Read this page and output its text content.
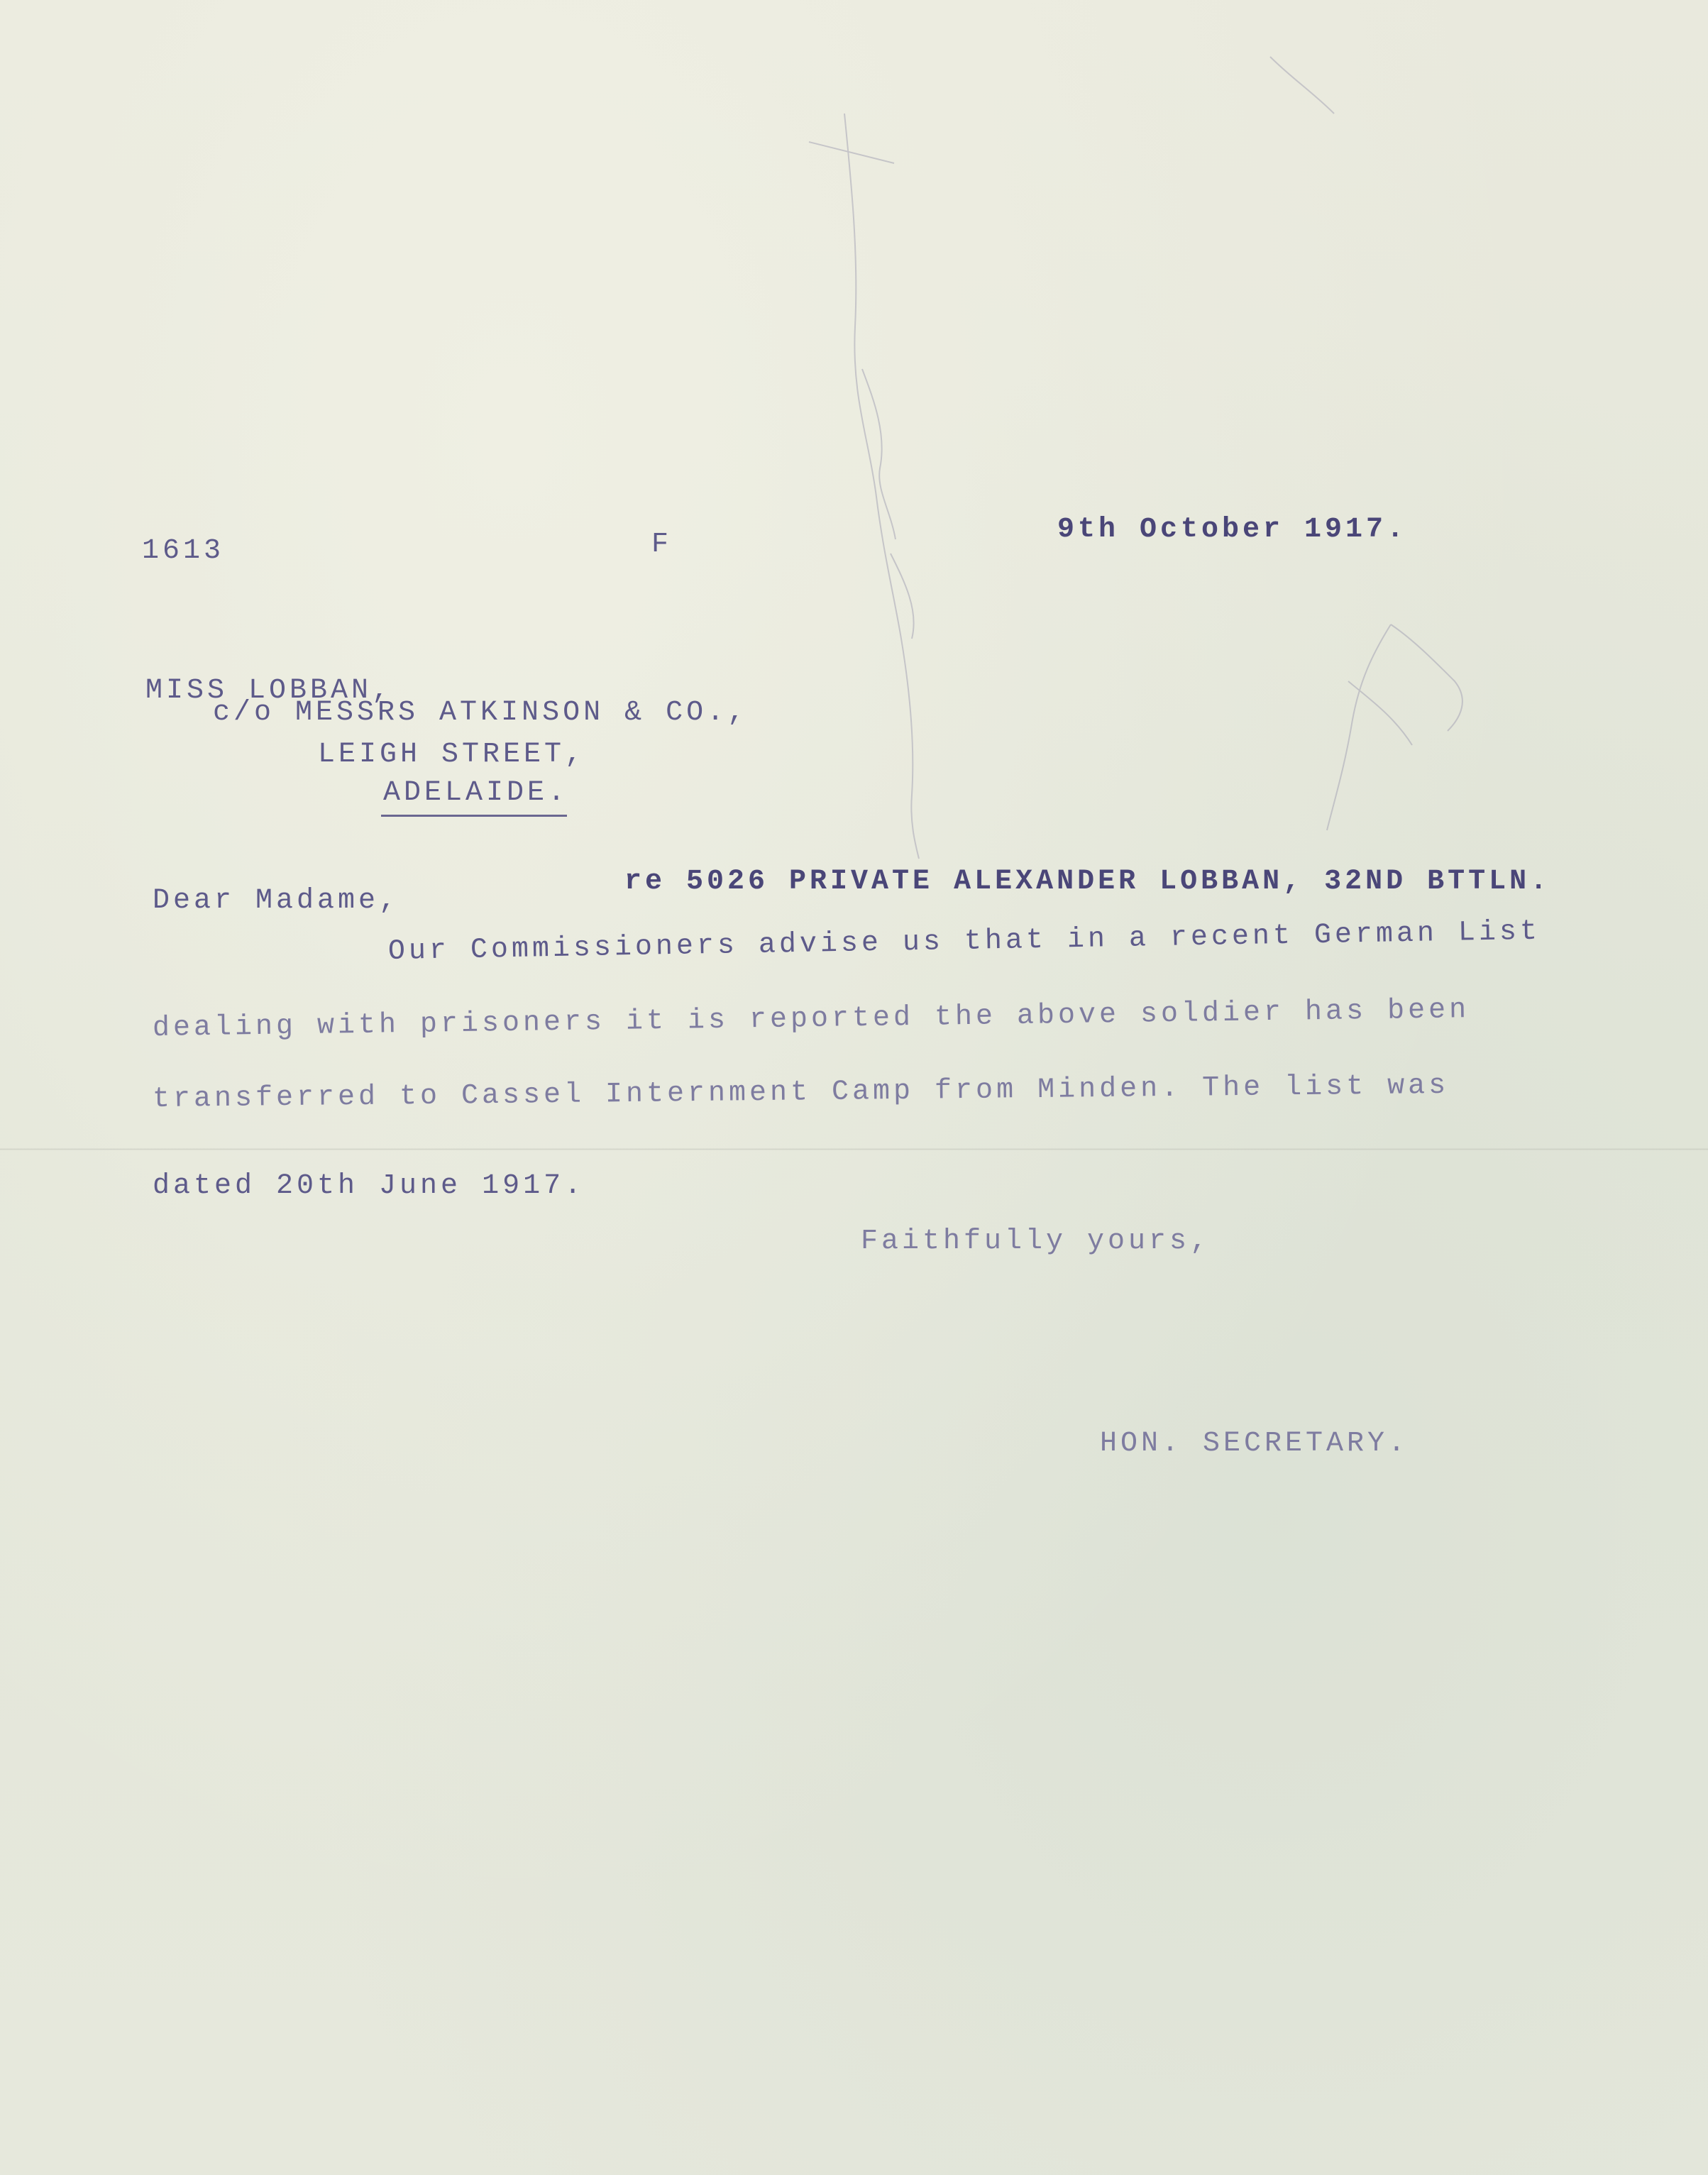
1613	F	9th October 1917.
MISS LOBBAN,
c/o MESSRS ATKINSON & CO.,
LEIGH STREET,
ADELAIDE.
Dear Madame,
re 5026 PRIVATE ALEXANDER LOBBAN, 32ND BTTLN.
Our Commissioners advise us that in a recent German List
dealing with prisoners it is reported the above soldier has been
transferred to Cassel Internment Camp from Minden. The list was
dated 20th June 1917.
Faithfully yours,
HON. SECRETARY.
